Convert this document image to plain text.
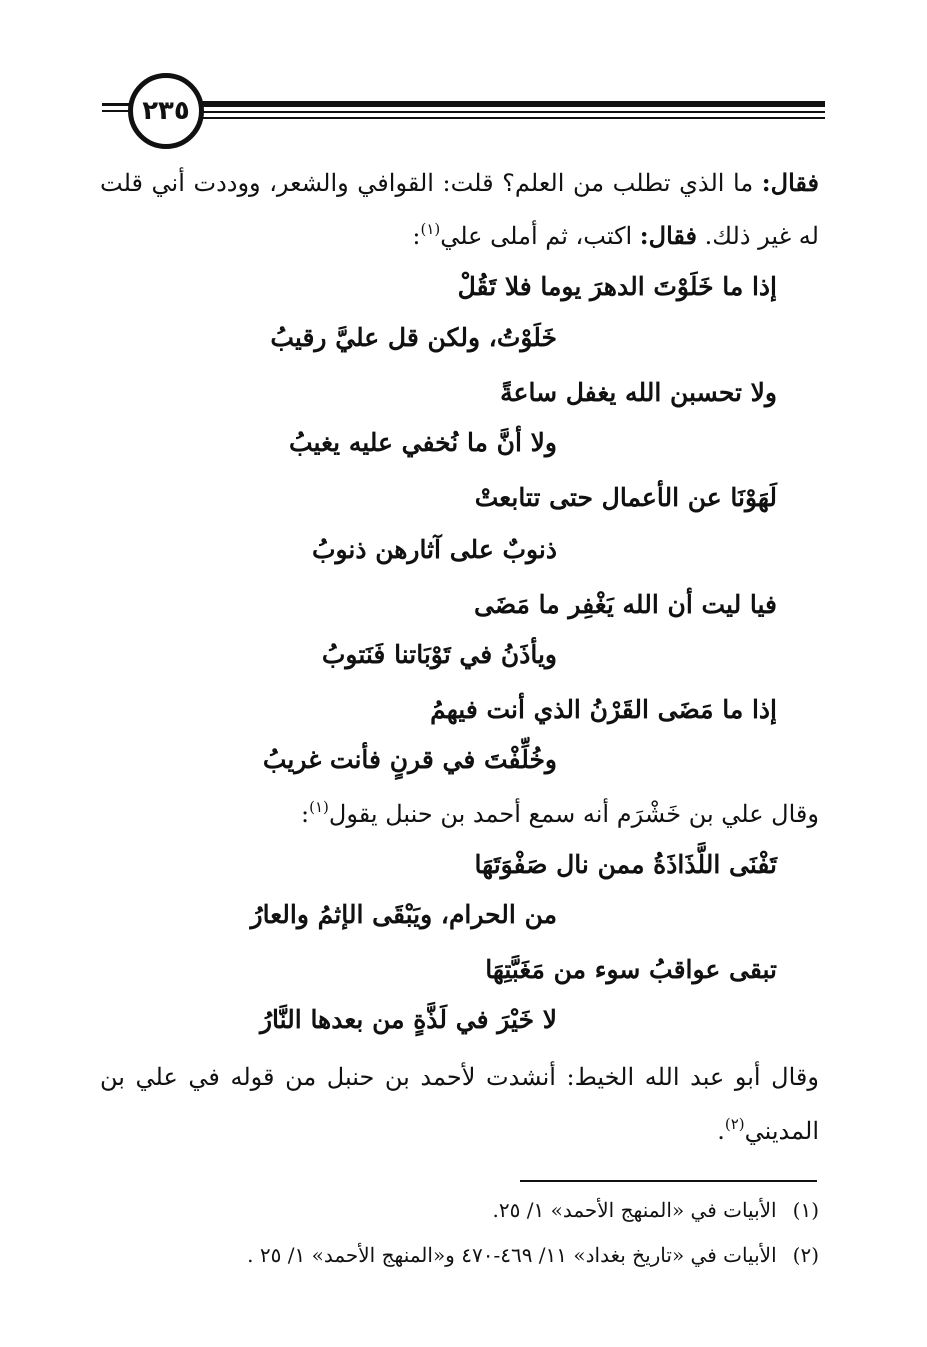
٢٣٥
فقال: ما الذي تطلب من العلم؟ قلت: القوافي والشعر، ووددت أني قلت
له غير ذلك. فقال: اكتب، ثم أملى علي$^{(١)}$:
إذا ما خَلَوْتَ الدهرَ يوما فلا تَقُلْ
خَلَوْتُ، ولكن قل عليَّ رقيبُ
ولا تحسبن الله يغفل ساعةً
ولا أنَّ ما نُخفي عليه يغيبُ
لَهَوْنَا عن الأعمال حتى تتابعتْ
ذنوبٌ على آثارهن ذنوبُ
فيا ليت أن الله يَغْفِر ما مَضَى
ويأذَنُ في تَوْبَاتنا فَنَتوبُ
إذا ما مَضَى القَرْنُ الذي أنت فيهمُ
وخُلِّفْتَ في قرنٍ فأنت غريبُ
وقال علي بن خَشْرَم أنه سمع أحمد بن حنبل يقول$^{(١)}$:
تَفْنَى اللَّذَاذَةُ ممن نال صَفْوَتَهَا
من الحرام، ويَبْقَى الإثمُ والعارُ
تبقى عواقبُ سوء من مَغَبَّتِهَا
لا خَيْرَ في لَذَّةٍ من بعدها النَّارُ
وقال أبو عبد الله الخيط: أنشدت لأحمد بن حنبل من قوله في علي بن
المديني$^{(٢)}$.
(١)الأبيات في «المنهج الأحمد» ١/ ٢٥.
(٢)الأبيات في «تاريخ بغداد» ١١/ ٤٦٩-٤٧٠ و«المنهج الأحمد» ١/ ٢٥ .
